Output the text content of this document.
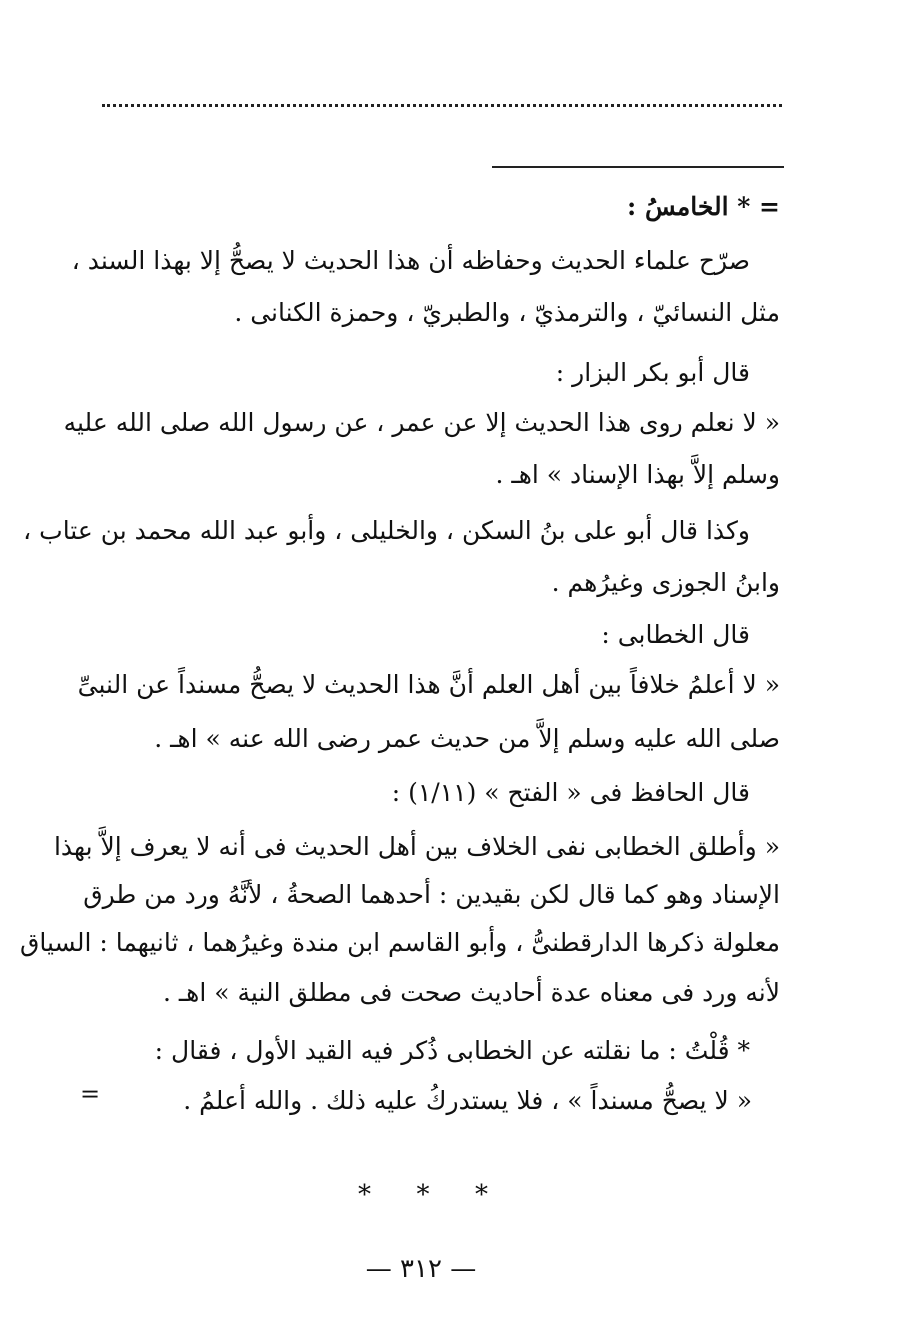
= * الخامسُ :
صرّح علماء الحديث وحفاظه أن هذا الحديث لا يصحُّ إلا بهذا السند ،
مثل النسائيّ ، والترمذيّ ، والطبريّ ، وحمزة الكنانى .
قال أبو بكر البزار :
« لا نعلم روى هذا الحديث إلا عن عمر ، عن رسول الله صلى الله عليه
وسلم إلاَّ بهذا الإسناد » اهـ .
وكذا قال أبو على بنُ السكن ، والخليلى ، وأبو عبد الله محمد بن عتاب ،
وابنُ الجوزى وغيرُهم .
قال الخطابى :
« لا أعلمُ خلافاً بين أهل العلم أنَّ هذا الحديث لا يصحُّ مسنداً عن النبىِّ
صلى الله عليه وسلم إلاَّ من حديث عمر رضى الله عنه » اهـ .
قال الحافظ فى « الفتح » (١/١١) :
« وأطلق الخطابى نفى الخلاف بين أهل الحديث فى أنه لا يعرف إلاَّ بهذا
الإسناد وهو كما قال لكن بقيدين : أحدهما الصحةُ ، لأنَّهُ ورد من طرق
معلولة ذكرها الدارقطنىُّ ، وأبو القاسم ابن مندة وغيرُهما ، ثانيهما : السياق
لأنه ورد فى معناه عدة أحاديث صحت فى مطلق النية » اهـ .
* قُلْتُ : ما نقلته عن الخطابى ذُكر فيه القيد الأول ، فقال :
« لا يصحُّ مسنداً » ، فلا يستدركُ عليه ذلك . والله أعلمُ .
=
* * *
— ٣١٢ —
